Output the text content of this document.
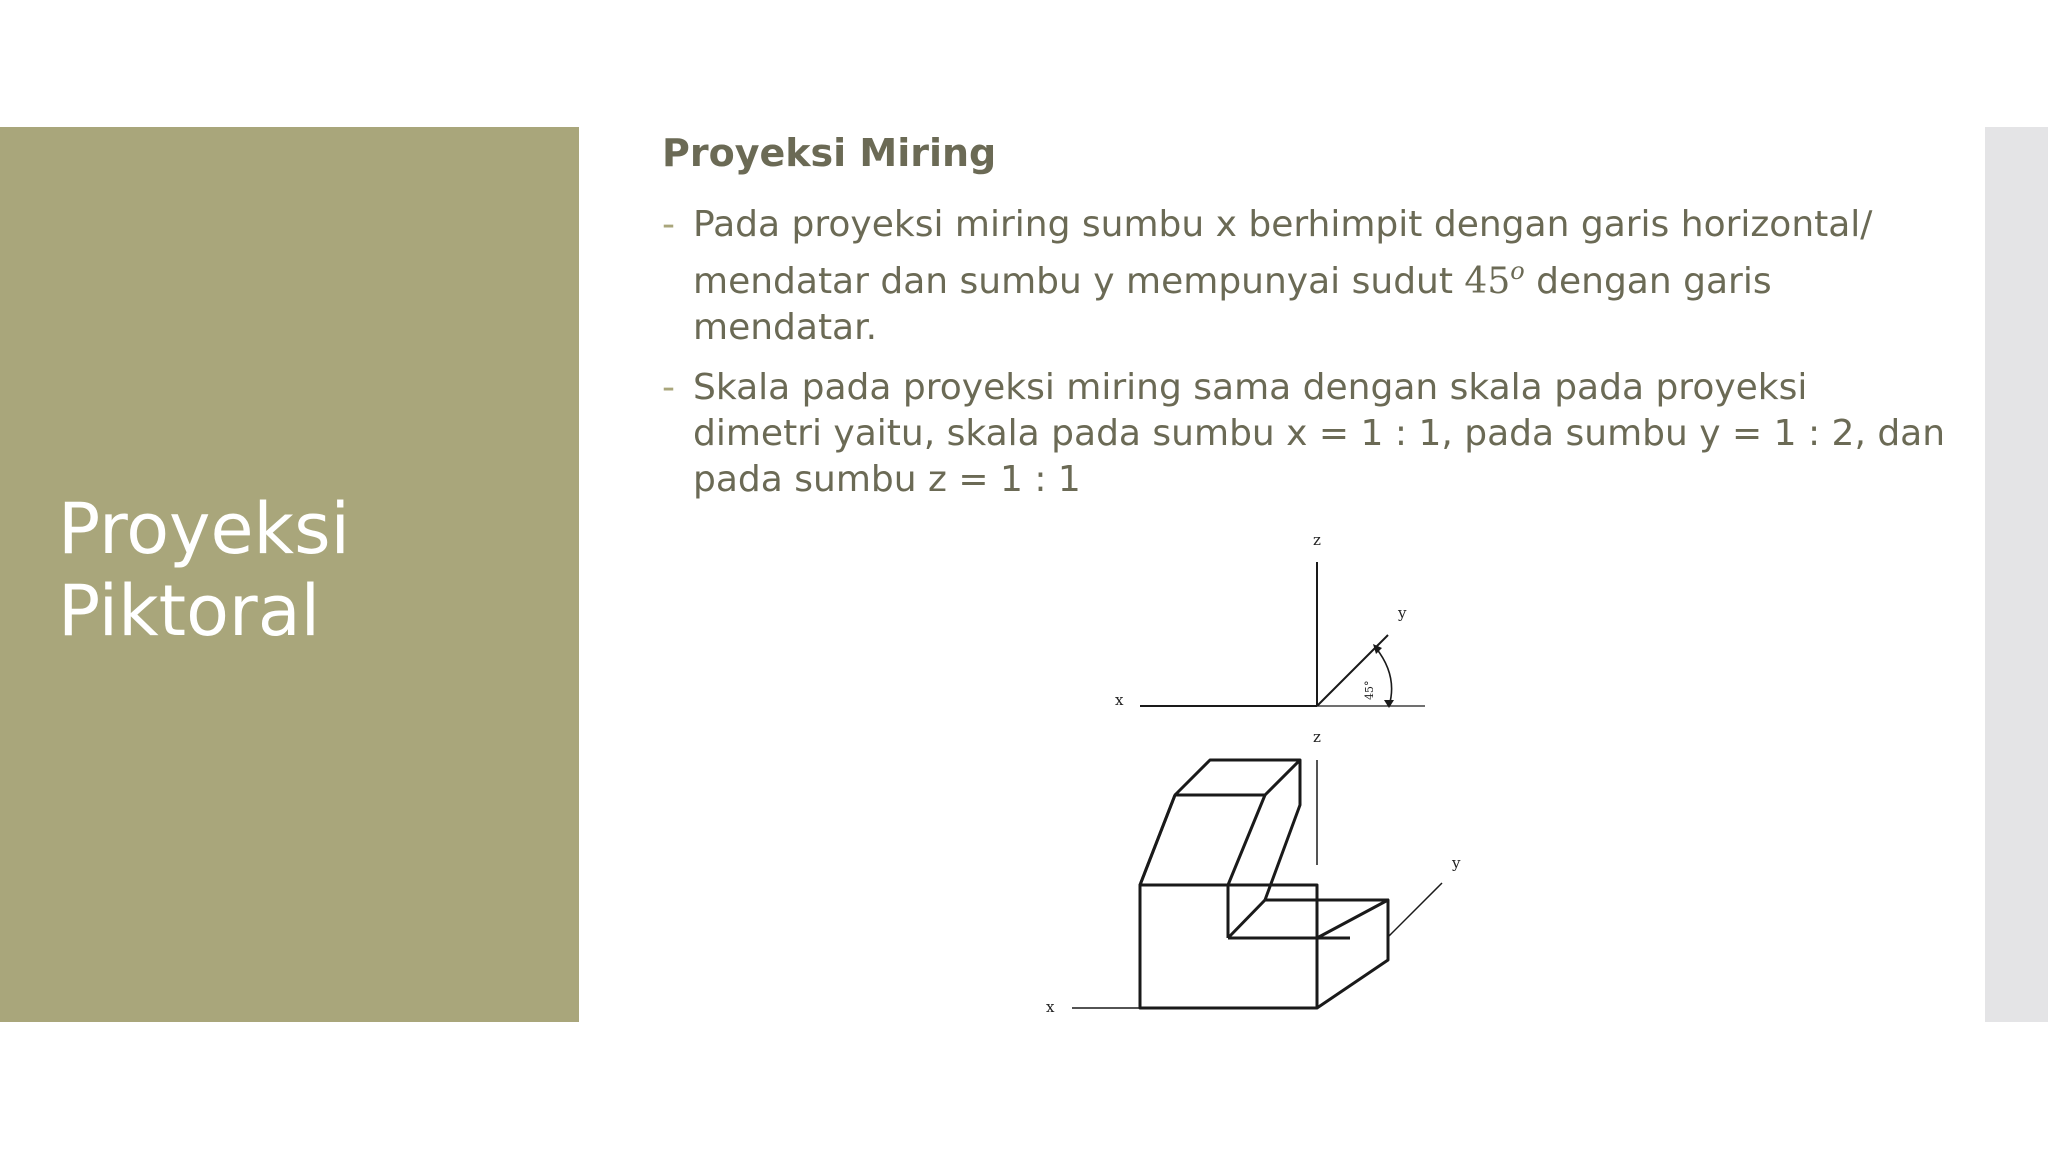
Proyeksi
Piktoral
Proyeksi Miring
- Pada proyeksi miring sumbu x berhimpit dengan garis horizontal/
mendatar dan sumbu y mempunyai sudut 45$^o$ dengan garis
mendatar.
- Skala pada proyeksi miring sama dengan skala pada proyeksi
dimetri yaitu, skala pada sumbu x = 1 : 1, pada sumbu y = 1 : 2, dan
pada sumbu z = 1 : 1
z
y
x	45°
z
y
x
